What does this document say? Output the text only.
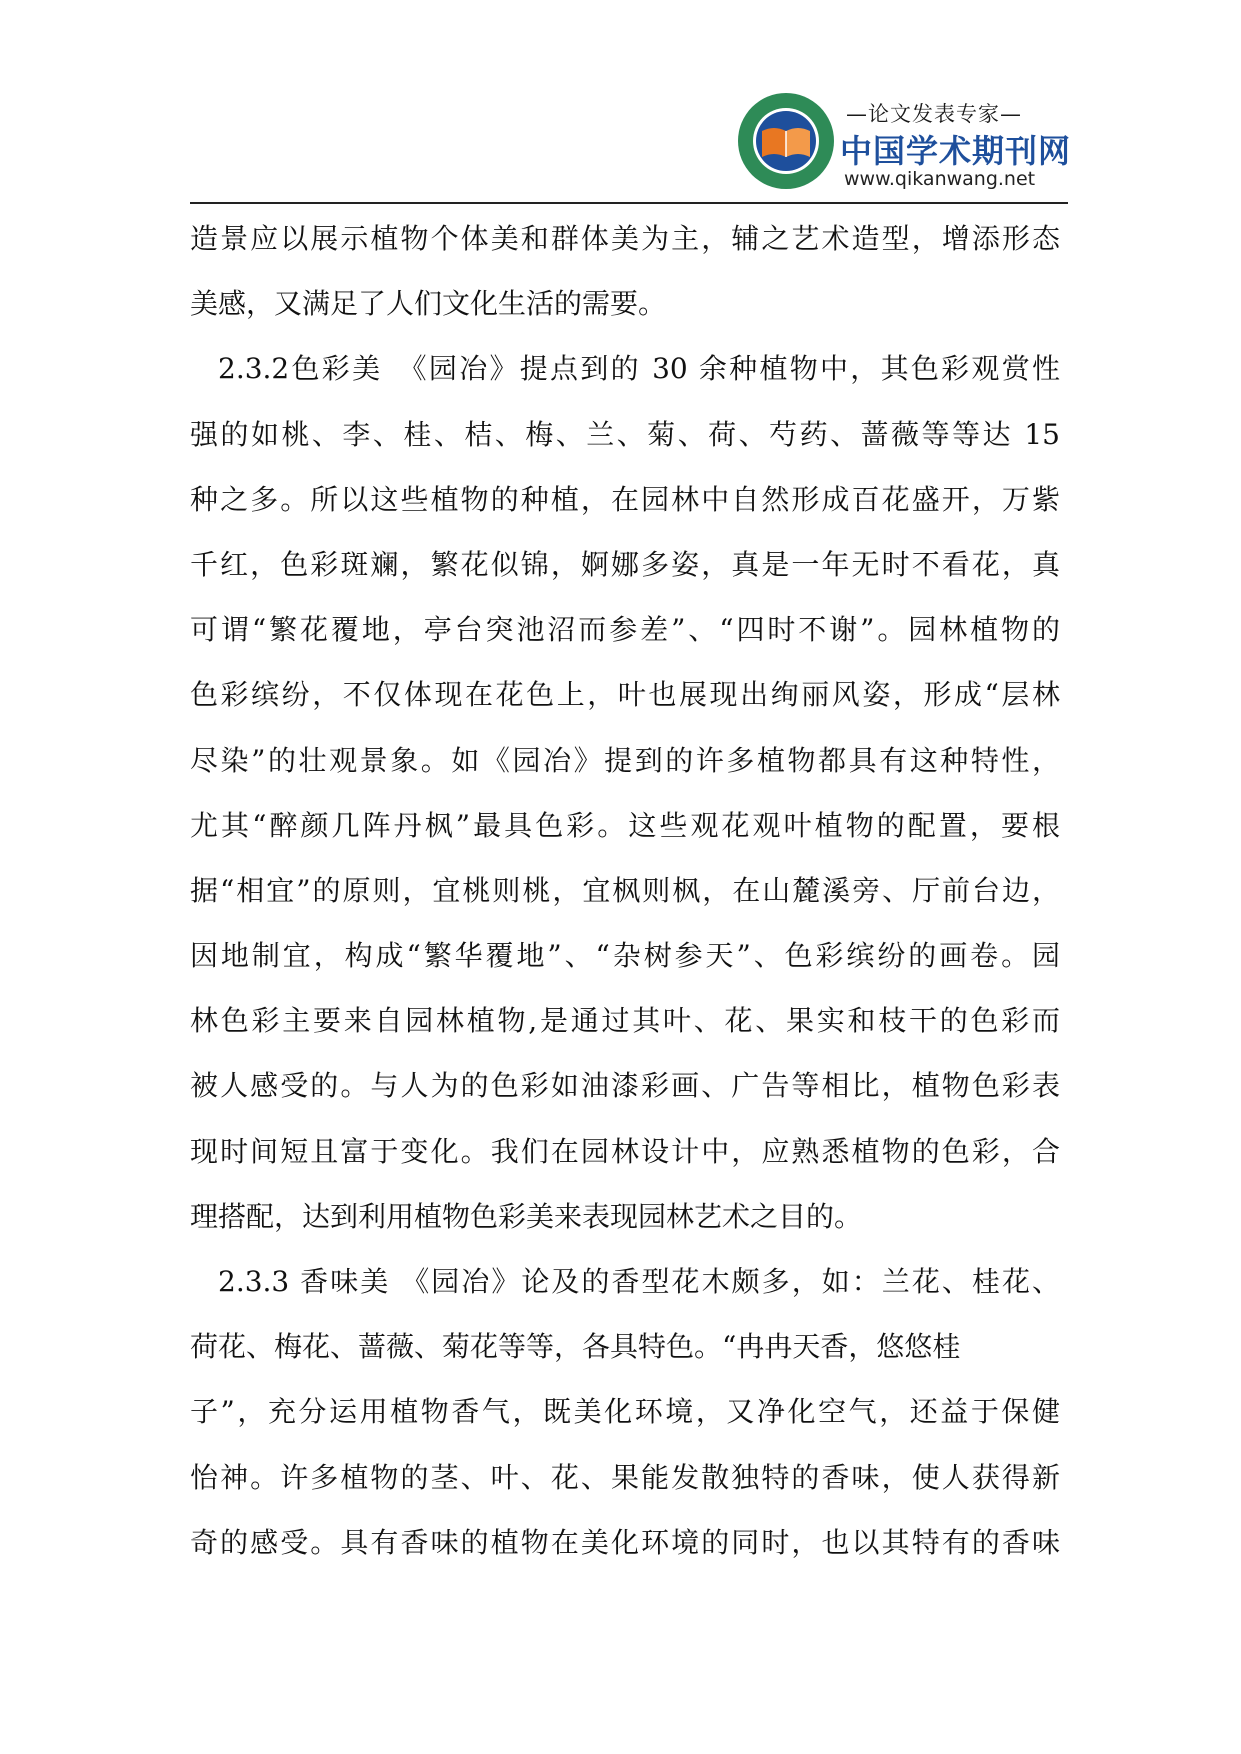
—论文发表专家—
中国学术期刊网
www.qikanwang.net
造景应以展示植物个体美和群体美为主，辅之艺术造型，增添形态
美感，又满足了人们文化生活的需要。
2.3.2色彩美　《园冶》提点到的 30 余种植物中，其色彩观赏性
强的如桃、李、桂、桔、梅、兰、菊、荷、芍药、蔷薇等等达 15
种之多。所以这些植物的种植，在园林中自然形成百花盛开，万紫
千红，色彩斑斓，繁花似锦，婀娜多姿，真是一年无时不看花，真
可谓“繁花覆地，亭台突池沼而参差”、“四时不谢”。园林植物的
色彩缤纷，不仅体现在花色上，叶也展现出绚丽风姿，形成“层林
尽染”的壮观景象。如《园冶》提到的许多植物都具有这种特性，
尤其“醉颜几阵丹枫”最具色彩。这些观花观叶植物的配置，要根
据“相宜”的原则，宜桃则桃，宜枫则枫，在山麓溪旁、厅前台边，
因地制宜，构成“繁华覆地”、“杂树参天”、色彩缤纷的画卷。园
林色彩主要来自园林植物,是通过其叶、花、果实和枝干的色彩而
被人感受的。与人为的色彩如油漆彩画、广告等相比，植物色彩表
现时间短且富于变化。我们在园林设计中，应熟悉植物的色彩，合
理搭配，达到利用植物色彩美来表现园林艺术之目的。
2.3.3 香味美 《园冶》论及的香型花木颇多，如：兰花、桂花、
荷花、梅花、蔷薇、菊花等等，各具特色。“冉冉天香，悠悠桂
子”，充分运用植物香气，既美化环境，又净化空气，还益于保健
怡神。许多植物的茎、叶、花、果能发散独特的香味，使人获得新
奇的感受。具有香味的植物在美化环境的同时，也以其特有的香味
